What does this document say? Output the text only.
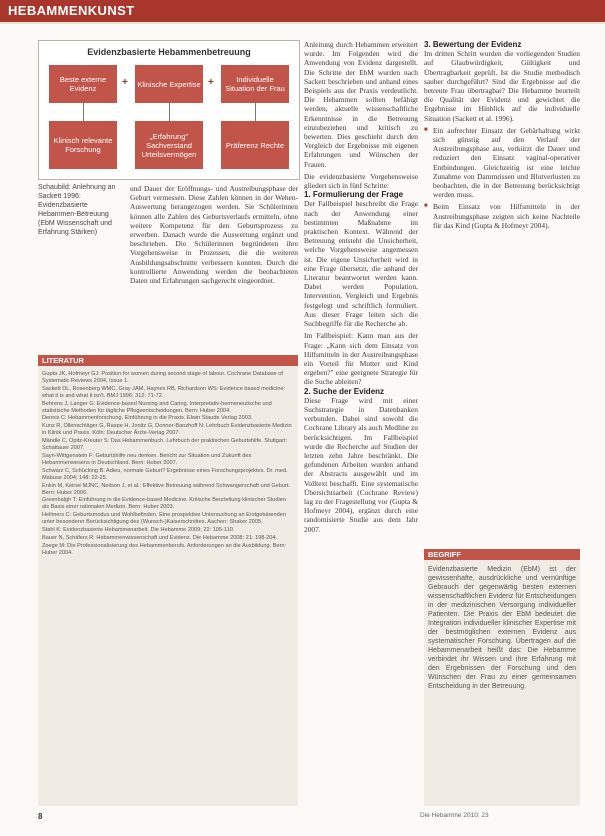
HEBAMMENKUNST
Evidenzbasierte Hebammenbetreuung
Beste externe Evidenz
+	Klinische Expertise +	Individuelle Situation der Frau
Klinisch relevante Forschung
„Erfahrung" Sachverstand Urteilsvermögen
Präferenz Rechte
Schaubild: Anlehnung an Sackett 1996: Evidenzbasierte Hebammen-Betreuung (EbM Wissenschaft und Erfahrung Stärken)

und Dauer der Eröffnungs- und Austreibungsphase der Geburt vermessen. Diese Zahlen können in der Wehen-Auswertung herangezogen werden. Sie Schülerinnen können alle Zahlen des Geburtsverlaufs ermitteln, ohne weitere Kompetenz für den Geburtsprozess zu erwerben. Danach wurde die Auswertung ergänzt und beschrieben. Die Schülerinnen begründeten ihre Vorgehensweise in Prozessen, die die weiteren Ausbildungsabschnitte verbessern konnten. Durch die kontrollierte Anwendung werden die beobachteten Daten und Erfahrungen sachgerecht eingeordnet.

LITERATUR

Gupta JK, Hofmeyr GJ: Position for women during second stage of labour. Cochrane Database of Systematic Reviews 2004, Issue 1.

Sackett DL, Rosenberg WMC, Gray JAM, Haynes RB, Richardson WS: Evidence based medicine: what it is and what it isn't. BMJ 1996; 312: 71-72.

Behrens J, Langer G: Evidence-based Nursing and Caring. Interpretativ-hermeneutische und statistische Methoden für tägliche Pflegeentscheidungen. Bern: Huber 2004.

Dennis C: Hebammenforschung. Einführung in die Praxis. Elwin Staude Verlag 2003.

Kunz R, Ollenschläger G, Raspe H, Jonitz G, Donner-Banzhoff N: Lehrbuch Evidenzbasierte Medizin in Klinik und Praxis. Köln: Deutscher Ärzte-Verlag 2007.

Mändle C, Opitz-Kreuter S: Das Hebammenbuch. Lehrbuch der praktischen Geburtshilfe. Stuttgart: Schattauer 2007.

Sayn-Wittgenstein F: Geburtshilfe neu denken. Bericht zur Situation und Zukunft des Hebammenwesens in Deutschland. Bern: Huber 2007.

Schwarz C, Schücking B: Adieu, normale Geburt? Ergebnisse eines Forschungsprojektes. Dr. med. Mabuse 2004; 148: 22-25.

Enkin M, Keirse MJNC, Neilson J, et al.: Effektive Betreuung während Schwangerschaft und Geburt. Bern: Huber 2006.

Greenhalgh T: Einführung in die Evidence-based Medicine. Kritische Beurteilung klinischer Studien als Basis einer rationalen Medizin. Bern: Huber 2003.

Hellmers C: Geburtsmodus und Wohlbefinden. Eine prospektive Untersuchung an Erstgebärenden unter besonderer Berücksichtigung des (Wunsch-)Kaiserschnittes. Aachen: Shaker 2005.

Stahl K: Evidenzbasierte Hebammenarbeit. Die Hebamme 2009; 22: 105-110.

Bauer N, Schäfers R: Hebammenwissenschaft und Evidenz. Die Hebamme 2008; 21: 198-204.

Zoege M: Die Professionalisierung des Hebammenberufs. Anforderungen an die Ausbildung. Bern: Huber 2004.

Anleitung durch Hebammen erweitert wurde. Im Folgenden wird die Anwendung von Evidenz dargestellt. Die Schritte der EbM wurden nach Sackett beschrieben und anhand eines Beispiels aus der Praxis verdeutlicht. Die Hebammen sollten befähigt werden, aktuelle wissenschaftliche Erkenntnisse in die Betreuung einzubeziehen und kritisch zu bewerten. Dies geschieht durch den Vergleich der Ergebnisse mit eigenen Erfahrungen und Wünschen der Frauen.

Die evidenzbasierte Vorgehensweise gliedert sich in fünf Schritte:

1. Formulierung der Frage

Der Fallbeispiel beschreibt die Frage nach der Anwendung einer bestimmten Maßnahme im praktischen Kontext. Während der Betreuung entsteht die Unsicherheit, welche Vorgehensweise angemessen ist. Die eigene Unsicherheit wird in eine Frage übersetzt, die anhand der Literatur beantwortet werden kann. Dabei werden Population, Intervention, Vergleich und Ergebnis festgelegt und schriftlich formuliert. Aus dieser Frage leiten sich die Suchbegriffe für die Recherche ab.

Im Fallbeispiel: Kann man aus der Frage: „Kann sich dem Einsatz von Hilfsmitteln in der Austreibungsphase ein Vorteil für Mutter und Kind ergeben?" eine geeignete Strategie für die Suche ableiten?

2. Suche der Evidenz

Diese Frage wird mit einer Suchstrategie in Datenbanken verbunden. Dabei sind sowohl die Cochrane Library als auch Medline zu berücksichtigen. Im Fallbeispiel wurde die Recherche auf Studien der letzten zehn Jahre beschränkt. Die gefundenen Arbeiten wurden anhand der Abstracts ausgewählt und im Volltext beschafft. Eine systematische Übersichtsarbeit (Cochrane Review) lag zu der Fragestellung vor (Gupta & Hofmeyr 2004), ergänzt durch eine randomisierte Studie aus dem Jahr 2007.

3. Bewertung der Evidenz

Im dritten Schritt wurden die vorliegenden Studien auf Glaubwürdigkeit, Gültigkeit und Übertragbarkeit geprüft. Ist die Studie methodisch sauber durchgeführt? Sind die Ergebnisse auf die betreute Frau übertragbar? Die Hebamme beurteilt die Qualität der Evidenz und gewichtet die Ergebnisse im Hinblick auf die individuelle Situation (Sackett et al. 1996).

■ Ein aufrechter Einsatz der Gebärhaltung wirkt sich günstig auf den Verlauf der Austreibungsphase aus, verkürzt die Dauer und reduziert den Einsatz vaginal-operativer Entbindungen. Gleichzeitig ist eine leichte Zunahme von Dammrissen und Blutverlusten zu beobachten, die in der Betreuung berücksichtigt werden muss.
■ Beim Einsatz von Hilfsmitteln in der Austreibungsphase zeigten sich keine Nachteile für das Kind (Gupta & Hofmeyr 2004).
BEGRIFF
Evidenzbasierte Medizin (EbM) ist der gewissenhafte, ausdrückliche und vernünftige Gebrauch der gegenwärtig besten externen wissenschaftlichen Evidenz für Entscheidungen in der medizinischen Versorgung individueller Patienten. Die Praxis der EbM bedeutet die Integration individueller klinischer Expertise mit der bestmöglichen externen Evidenz aus systematischer Forschung. Übertragen auf die Hebammenarbeit heißt das: Die Hebamme verbindet ihr Wissen und ihre Erfahrung mit den Ergebnissen der Forschung und den Wünschen der Frau zu einer gemeinsamen Entscheidung in der Betreuung.
8	Die Hebamme 2010; 23
